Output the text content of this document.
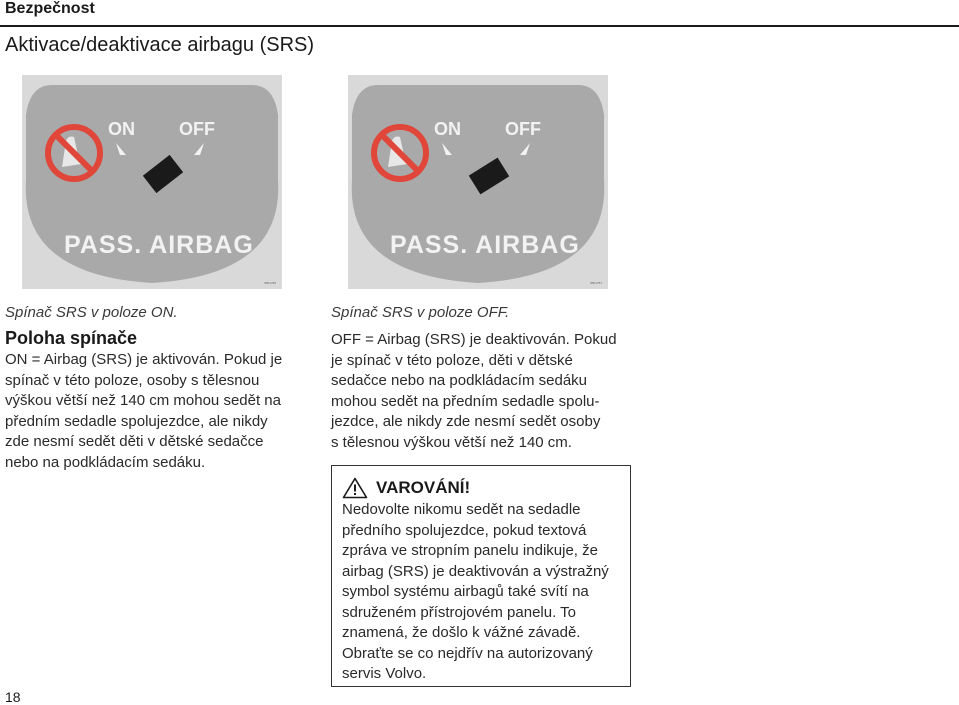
Bezpečnost
Aktivace/deaktivace airbagu (SRS)
ON OFF
PASS. AIRBAG
8801786
ON OFF
PASS. AIRBAG
8801787
Spínač SRS v poloze ON.
Poloha spínače
ON = Airbag (SRS) je aktivován. Pokud je
spínač v této poloze, osoby s tělesnou
výškou větší než 140 cm mohou sedět na
předním sedadle spolujezdce, ale nikdy
zde nesmí sedět děti v dětské sedačce
nebo na podkládacím sedáku.
Spínač SRS v poloze OFF.
OFF = Airbag (SRS) je deaktivován. Pokud
je spínač v této poloze, děti v dětské
sedačce nebo na podkládacím sedáku
mohou sedět na předním sedadle spolu-
jezdce, ale nikdy zde nesmí sedět osoby
s tělesnou výškou větší než 140 cm.
VAROVÁNÍ!
Nedovolte nikomu sedět na sedadle
předního spolujezdce, pokud textová
zpráva ve stropním panelu indikuje, že
airbag (SRS) je deaktivován a výstražný
symbol systému airbagů také svítí na
sdruženém přístrojovém panelu. To
znamená, že došlo k vážné závadě.
Obraťte se co nejdřív na autorizovaný
servis Volvo.
18
